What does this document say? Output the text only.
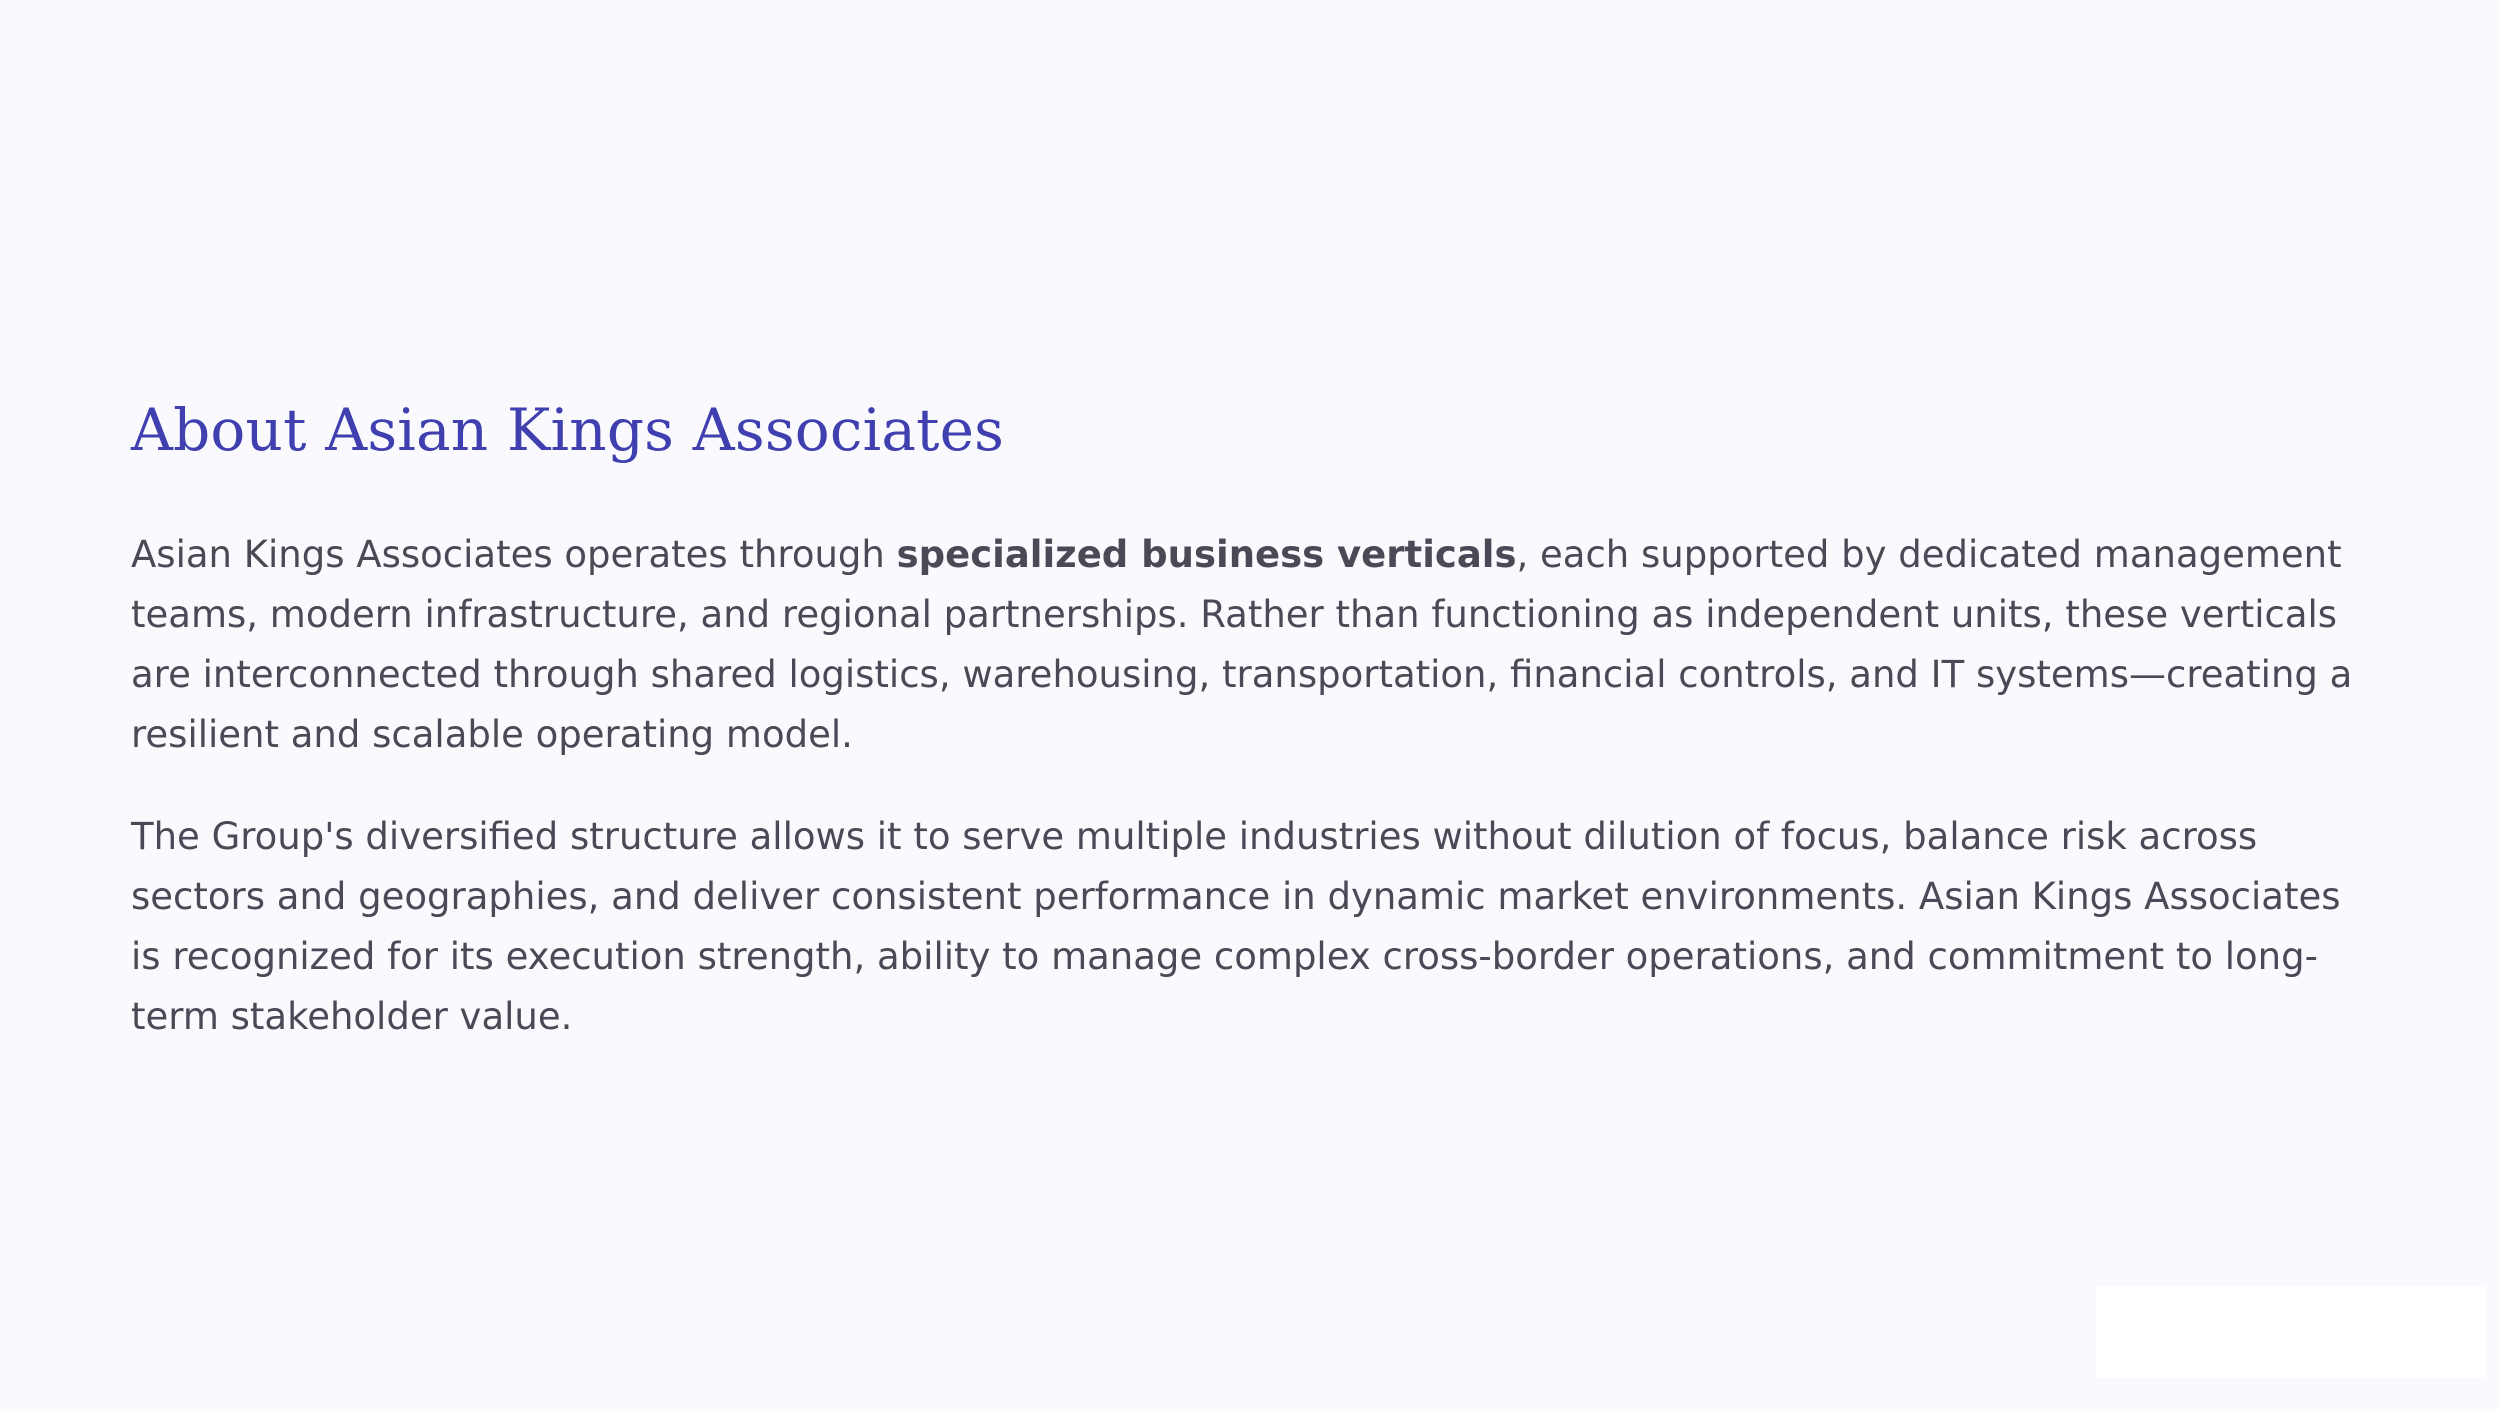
About Asian Kings Associates

Asian Kings Associates operates through specialized business verticals, each supported by dedicated management teams, modern infrastructure, and regional partnerships. Rather than functioning as independent units, these verticals are interconnected through shared logistics, warehousing, transportation, financial controls, and IT systems—creating a resilient and scalable operating model.

The Group's diversified structure allows it to serve multiple industries without dilution of focus, balance risk across sectors and geographies, and deliver consistent performance in dynamic market environments. Asian Kings Associates is recognized for its execution strength, ability to manage complex cross-border operations, and commitment to long-term stakeholder value.
